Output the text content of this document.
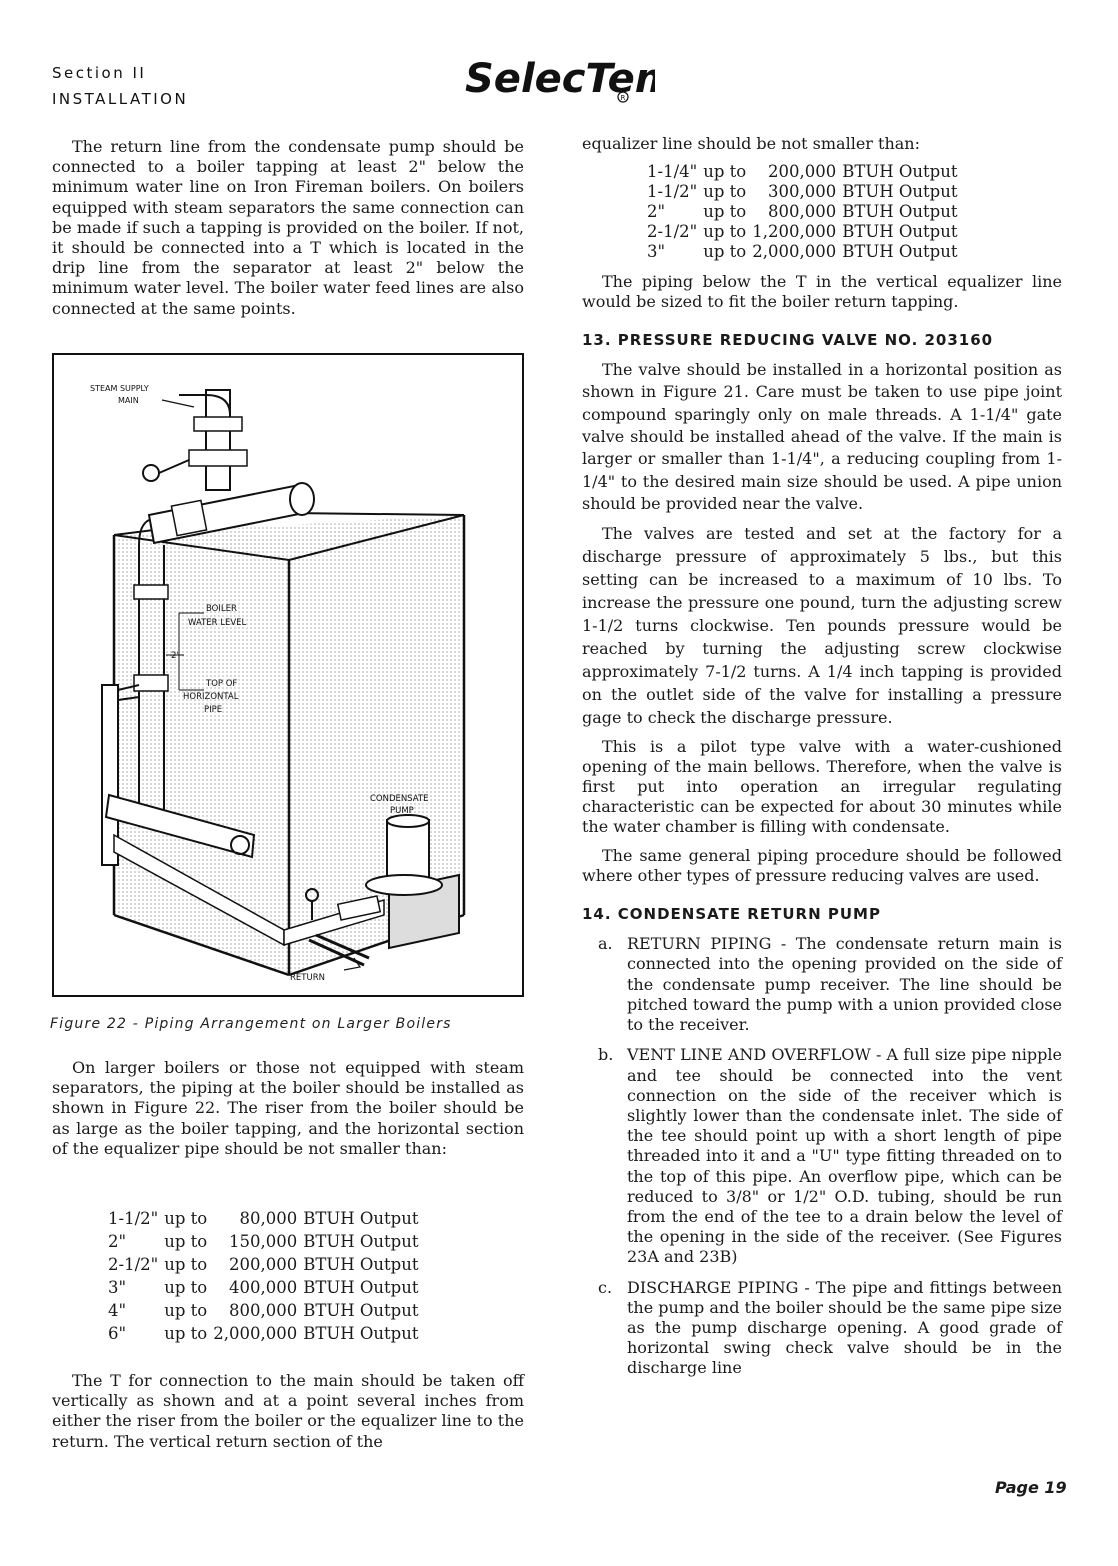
Section II
INSTALLATION	SelecTe
R

The return line from the condensate pump should be connected to a boiler tapping at least 2" below the minimum water line on Iron Fireman boilers. On boilers equipped with steam separators the same connection can be made if such a tapping is provided on the boiler. If not, it should be connected into a T which is located in the drip line from the separator at least 2" below the minimum water level. The boiler water feed lines are also connected at the same points.

STEAM SUPPLY
MAIN
BOILER
WATER LEVEL
2"
TOP OF
HORIZONTAL
PIPE
CONDENSATE
PUMP
RETURN
Figure 22 - Piping Arrangement on Larger Boilers

On larger boilers or those not equipped with steam separators, the piping at the boiler should be installed as shown in Figure 22. The riser from the boiler should be as large as the boiler tapping, and the horizontal section of the equalizer pipe should be not smaller than:

1-1/2"	up to	80,000	BTUH Output
2"	up to	150,000	BTUH Output
2-1/2"	up to	200,000	BTUH Output
3"	up to	400,000	BTUH Output
4"	up to	800,000	BTUH Output
6"	up to	2,000,000	BTUH Output

The T for connection to the main should be taken off vertically as shown and at a point several inches from either the riser from the boiler or the equalizer line to the return. The vertical return section of the

equalizer line should be not smaller than:

1-1/4"	up to	200,000	BTUH Output
1-1/2"	up to	300,000	BTUH Output
2"	up to	800,000	BTUH Output
2-1/2"	up to	1,200,000	BTUH Output
3"	up to	2,000,000	BTUH Output

The piping below the T in the vertical equalizer line would be sized to fit the boiler return tapping.

13. PRESSURE REDUCING VALVE NO. 203160

The valve should be installed in a horizontal position as shown in Figure 21. Care must be taken to use pipe joint compound sparingly only on male threads. A 1-1/4" gate valve should be installed ahead of the valve. If the main is larger or smaller than 1-1/4", a reducing coupling from 1-1/4" to the desired main size should be used. A pipe union should be provided near the valve.

The valves are tested and set at the factory for a discharge pressure of approximately 5 lbs., but this setting can be increased to a maximum of 10 lbs. To increase the pressure one pound, turn the adjusting screw 1-1/2 turns clockwise. Ten pounds pressure would be reached by turning the adjusting screw clockwise approximately 7-1/2 turns. A 1/4 inch tapping is provided on the outlet side of the valve for installing a pressure gage to check the discharge pressure.

This is a pilot type valve with a water-cushioned opening of the main bellows. Therefore, when the valve is first put into operation an irregular regulating characteristic can be expected for about 30 minutes while the water chamber is filling with condensate.

The same general piping procedure should be followed where other types of pressure reducing valves are used.

14. CONDENSATE RETURN PUMP
a. RETURN PIPING - The condensate return main is connected into the opening provided on the side of the condensate pump receiver. The line should be pitched toward the pump with a union provided close to the receiver.

b. VENT LINE AND OVERFLOW - A full size pipe nipple and tee should be connected into the vent connection on the side of the receiver which is slightly lower than the condensate inlet. The side of the tee should point up with a short length of pipe threaded into it and a "U" type fitting threaded on to the top of this pipe. An overflow pipe, which can be reduced to 3/8" or 1/2" O.D. tubing, should be run from the end of the tee to a drain below the level of the opening in the side of the receiver. (See Figures 23A and 23B)

c. DISCHARGE PIPING - The pipe and fittings between the pump and the boiler should be the same pipe size as the pump discharge opening. A good grade of horizontal swing check valve should be in the discharge line

Page 19
